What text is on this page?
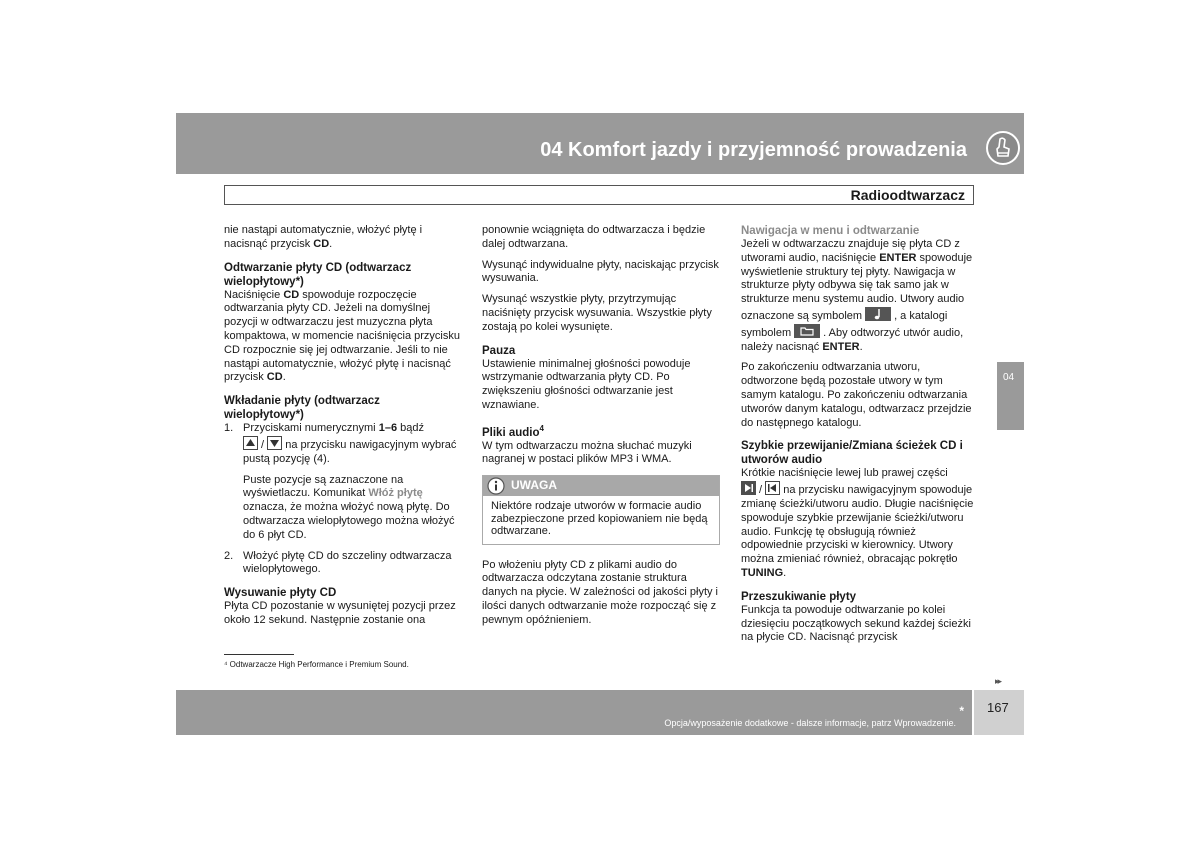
04 Komfort jazdy i przyjemność prowadzenia
Radioodtwarzacz

nie nastąpi automatycznie, włożyć płytę i nacisnąć przycisk CD.

Odtwarzanie płyty CD (odtwarzacz wielopłytowy*)

Naciśnięcie CD spowoduje rozpoczęcie odtwarzania płyty CD. Jeżeli na domyślnej pozycji w odtwarzaczu jest muzyczna płyta kompaktowa, w momencie naciśnięcia przycisku CD rozpocznie się jej odtwarzanie. Jeśli to nie nastąpi automatycznie, włożyć płytę i nacisnąć przycisk CD.

Wkładanie płyty (odtwarzacz wielopłytowy*)
1. Przyciskami numerycznymi 1–6 bądź

/
na przycisku nawigacyjnym wybrać pustą pozycję (4).

Puste pozycje są zaznaczone na wyświetlaczu. Komunikat Włóż płytę oznacza, że można włożyć nową płytę. Do odtwarzacza wielopłytowego można włożyć do 6 płyt CD.

2. Włożyć płytę CD do szczeliny odtwarzacza wielopłytowego.
Wysuwanie płyty CD

Płyta CD pozostanie w wysuniętej pozycji przez około 12 sekund. Następnie zostanie ona

ponownie wciągnięta do odtwarzacza i będzie dalej odtwarzana.

Wysunąć indywidualne płyty, naciskając przycisk wysuwania.

Wysunąć wszystkie płyty, przytrzymując naciśnięty przycisk wysuwania. Wszystkie płyty zostają po kolei wysunięte.

Pauza

Ustawienie minimalnej głośności powoduje wstrzymanie odtwarzania płyty CD. Po zwiększeniu głośności odtwarzanie jest wznawiane.

Pliki audio$^4$

W tym odtwarzaczu można słuchać muzyki nagranej w postaci plików MP3 i WMA.

UWAGA
Niektóre rodzaje utworów w formacie audio zabezpieczone przed kopiowaniem nie będą odtwarzane.

Po włożeniu płyty CD z plikami audio do odtwarzacza odczytana zostanie struktura danych na płycie. W zależności od jakości płyty i ilości danych odtwarzanie może rozpocząć się z pewnym opóźnieniem.

Nawigacja w menu i odtwarzanie

Jeżeli w odtwarzaczu znajduje się płyta CD z utworami audio, naciśnięcie ENTER spowoduje wyświetlenie struktury tej płyty. Nawigacja w strukturze płyty odbywa się tak samo jak w strukturze menu systemu audio. Utwory audio oznaczone są symbolem	, a katalogi symbolem	. Aby odtworzyć utwór audio, należy nacisnąć ENTER.

Po zakończeniu odtwarzania utworu, odtworzone będą pozostałe utwory w tym samym katalogu. Po zakończeniu odtwarzania utworów danym katalogu, odtwarzacz przejdzie do następnego katalogu.

Szybkie przewijanie/Zmiana ścieżek CD i utworów audio

Krótkie naciśnięcie lewej lub prawej części

/
na przycisku nawigacyjnym spowoduje zmianę ścieżki/utworu audio. Długie naciśnięcie spowoduje szybkie przewijanie ścieżki/utworu audio. Funkcję tę obsługują również odpowiednie przyciski w kierownicy. Utwory można zmieniać również, obracając pokrętło TUNING.

Przeszukiwanie płyty

Funkcja ta powoduje odtwarzanie po kolei dziesięciu początkowych sekund każdej ścieżki na płycie CD. Nacisnąć przycisk

04
⁴ Odtwarzacze High Performance i Premium Sound.
▸▸
*
Opcja/wyposażenie dodatkowe - dalsze informacje, patrz Wprowadzenie.
167
